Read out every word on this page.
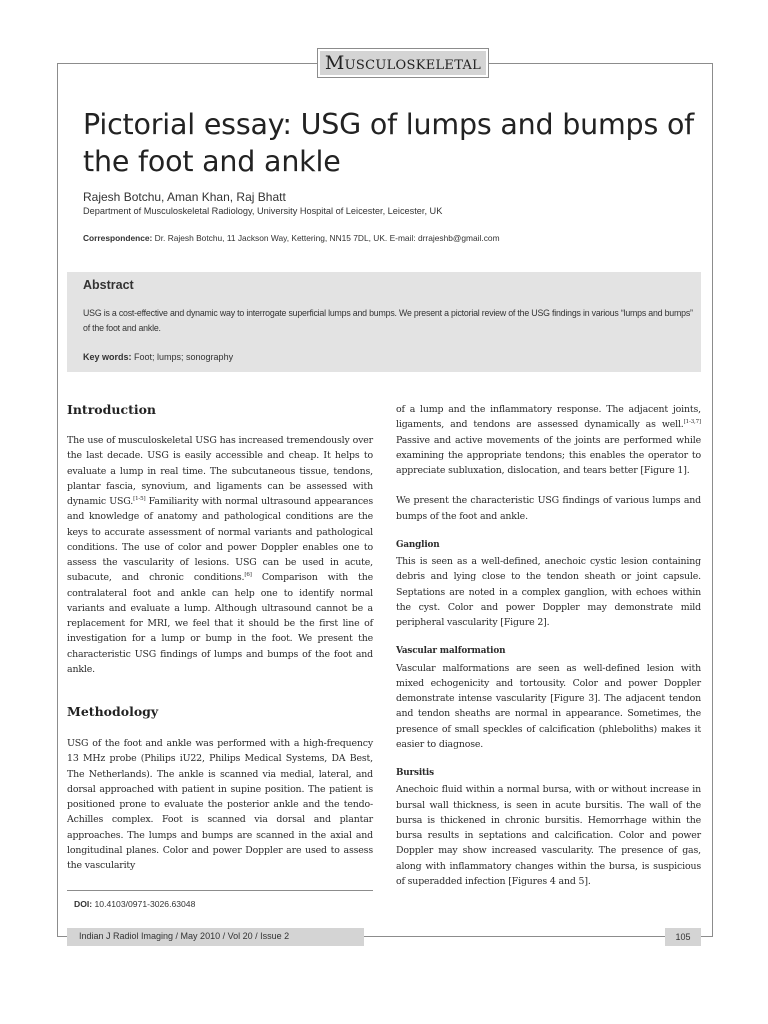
Musculoskeletal
Pictorial essay: USG of lumps and bumps of the foot and ankle
Rajesh Botchu, Aman Khan, Raj Bhatt
Department of Musculoskeletal Radiology, University Hospital of Leicester, Leicester, UK
Correspondence: Dr. Rajesh Botchu, 11 Jackson Way, Kettering, NN15 7DL, UK. E-mail: drrajeshb@gmail.com
Abstract
USG is a cost-effective and dynamic way to interrogate superficial lumps and bumps. We present a pictorial review of the USG findings in various “lumps and bumps” of the foot and ankle.
Key words: Foot; lumps; sonography
Introduction

The use of musculoskeletal USG has increased tremendously over the last decade. USG is easily accessible and cheap. It helps to evaluate a lump in real time. The subcutaneous tissue, tendons, plantar fascia, synovium, and ligaments can be assessed with dynamic USG.[1-5] Familiarity with normal ultrasound appearances and knowledge of anatomy and pathological conditions are the keys to accurate assessment of normal variants and pathological conditions. The use of color and power Doppler enables one to assess the vascularity of lesions. USG can be used in acute, subacute, and chronic conditions.[6] Comparison with the contralateral foot and ankle can help one to identify normal variants and evaluate a lump. Although ultrasound cannot be a replacement for MRI, we feel that it should be the first line of investigation for a lump or bump in the foot. We present the characteristic USG findings of lumps and bumps of the foot and ankle.

Methodology

USG of the foot and ankle was performed with a high-frequency 13 MHz probe (Philips iU22, Philips Medical Systems, DA Best, The Netherlands). The ankle is scanned via medial, lateral, and dorsal approached with patient in supine position. The patient is positioned prone to evaluate the posterior ankle and the tendo-Achilles complex. Foot is scanned via dorsal and plantar approaches. The lumps and bumps are scanned in the axial and longitudinal planes. Color and power Doppler are used to assess the vascularity

DOI: 10.4103/0971-3026.63048

of a lump and the inflammatory response. The adjacent joints, ligaments, and tendons are assessed dynamically as well.[1-3,7] Passive and active movements of the joints are performed while examining the appropriate tendons; this enables the operator to appreciate subluxation, dislocation, and tears better [Figure 1].

We present the characteristic USG findings of various lumps and bumps of the foot and ankle.

Ganglion

This is seen as a well-defined, anechoic cystic lesion containing debris and lying close to the tendon sheath or joint capsule. Septations are noted in a complex ganglion, with echoes within the cyst. Color and power Doppler may demonstrate mild peripheral vascularity [Figure 2].

Vascular malformation

Vascular malformations are seen as well-defined lesion with mixed echogenicity and tortousity. Color and power Doppler demonstrate intense vascularity [Figure 3]. The adjacent tendon and tendon sheaths are normal in appearance. Sometimes, the presence of small speckles of calcification (phleboliths) makes it easier to diagnose.

Bursitis

Anechoic fluid within a normal bursa, with or without increase in bursal wall thickness, is seen in acute bursitis. The wall of the bursa is thickened in chronic bursitis. Hemorrhage within the bursa results in septations and calcification. Color and power Doppler may show increased vascularity. The presence of gas, along with inflammatory changes within the bursa, is suspicious of superadded infection [Figures 4 and 5].

Indian J Radiol Imaging / May 2010 / Vol 20 / Issue 2	105
